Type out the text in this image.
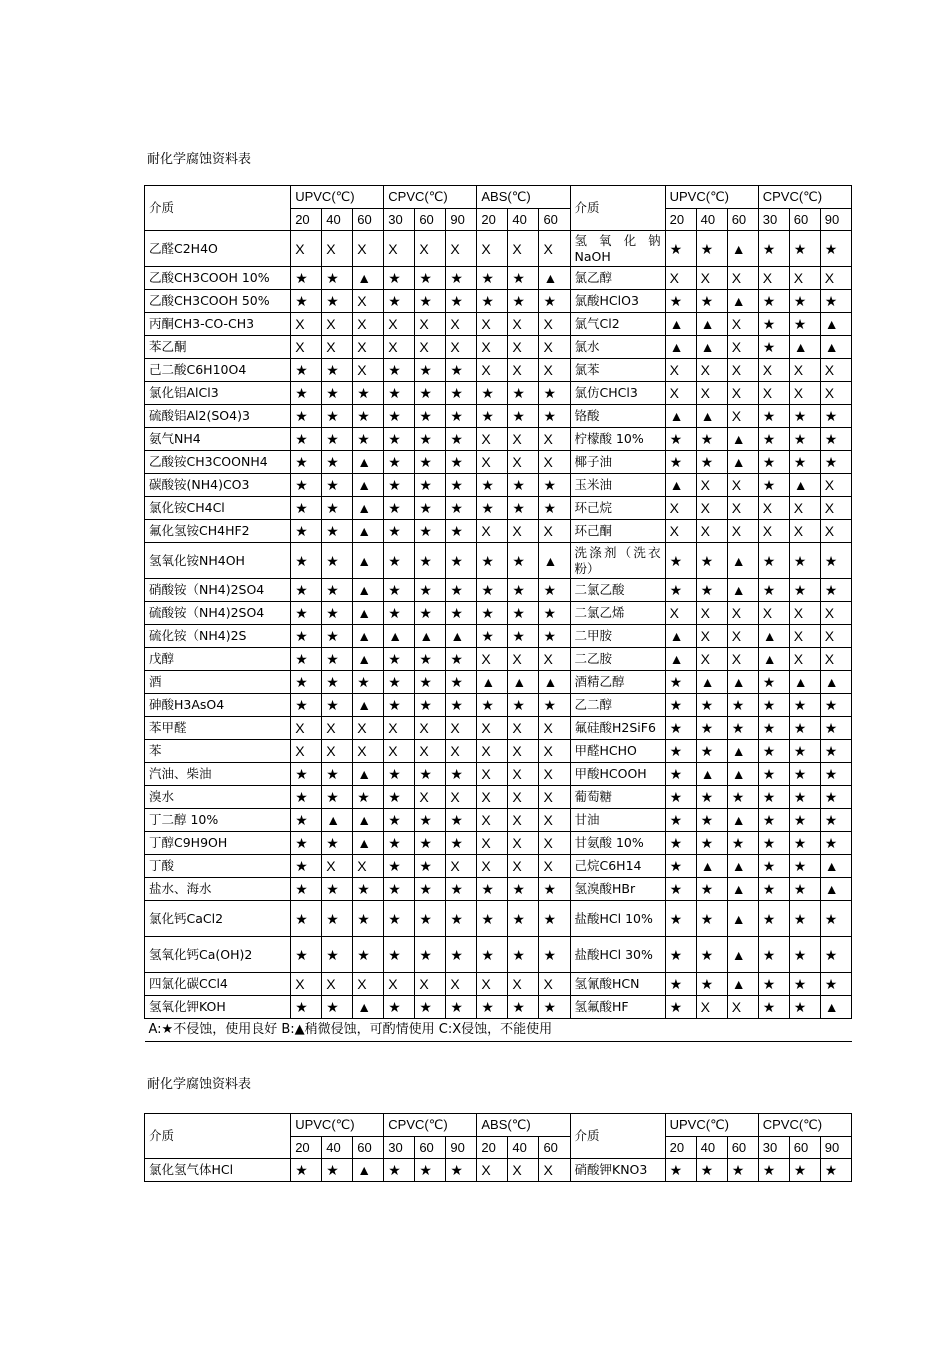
耐化学腐蚀资料表
介质	UPVC(℃)			CPVC(℃)			ABS(℃)			介质	UPVC(℃)			CPVC(℃)		
	20	40	60	30	60	90	20	40	60		20	40	60	30	60	90
乙醛C2H4O	X	X	X	X	X	X	X	X	X	氢氧化钠NaOH	★	★	▲	★	★	★
乙酸CH3COOH 10%	★	★	▲	★	★	★	★	★	▲	氯乙醇	X	X	X	X	X	X
乙酸CH3COOH 50%	★	★	X	★	★	★	★	★	★	氯酸HClO3	★	★	▲	★	★	★
丙酮CH3-CO-CH3	X	X	X	X	X	X	X	X	X	氯气Cl2	▲	▲	X	★	★	▲
苯乙酮	X	X	X	X	X	X	X	X	X	氯水	▲	▲	X	★	▲	▲
己二酸C6H10O4	★	★	X	★	★	★	X	X	X	氯苯	X	X	X	X	X	X
氯化铝AlCl3	★	★	★	★	★	★	★	★	★	氯仿CHCl3	X	X	X	X	X	X
硫酸铝Al2(SO4)3	★	★	★	★	★	★	★	★	★	铬酸	▲	▲	X	★	★	★
氨气NH4	★	★	★	★	★	★	X	X	X	柠檬酸 10%	★	★	▲	★	★	★
乙酸铵CH3COONH4	★	★	▲	★	★	★	X	X	X	椰子油	★	★	▲	★	★	★
碳酸铵(NH4)CO3	★	★	▲	★	★	★	★	★	★	玉米油	▲	X	X	★	▲	X
氯化铵CH4Cl	★	★	▲	★	★	★	★	★	★	环己烷	X	X	X	X	X	X
氟化氢铵CH4HF2	★	★	▲	★	★	★	X	X	X	环己酮	X	X	X	X	X	X
氢氧化铵NH4OH	★	★	▲	★	★	★	★	★	▲	洗涤剂（洗衣粉）	★	★	▲	★	★	★
硝酸铵（NH4)2SO4	★	★	▲	★	★	★	★	★	★	二氯乙酸	★	★	▲	★	★	★
硫酸铵（NH4)2SO4	★	★	▲	★	★	★	★	★	★	二氯乙烯	X	X	X	X	X	X
硫化铵（NH4)2S	★	★	▲	▲	▲	▲	★	★	★	二甲胺	▲	X	X	▲	X	X
戊醇	★	★	▲	★	★	★	X	X	X	二乙胺	▲	X	X	▲	X	X
酒	★	★	★	★	★	★	▲	▲	▲	酒精乙醇	★	▲	▲	★	▲	▲
砷酸H3AsO4	★	★	▲	★	★	★	★	★	★	乙二醇	★	★	★	★	★	★
苯甲醛	X	X	X	X	X	X	X	X	X	氟硅酸H2SiF6	★	★	★	★	★	★
苯	X	X	X	X	X	X	X	X	X	甲醛HCHO	★	★	▲	★	★	★
汽油、柴油	★	★	▲	★	★	★	X	X	X	甲酸HCOOH	★	▲	▲	★	★	★
溴水	★	★	★	★	X	X	X	X	X	葡萄糖	★	★	★	★	★	★
丁二醇 10%	★	▲	▲	★	★	★	X	X	X	甘油	★	★	▲	★	★	★
丁醇C9H9OH	★	★	▲	★	★	★	X	X	X	甘氨酸 10%	★	★	★	★	★	★
丁酸	★	X	X	★	★	X	X	X	X	己烷C6H14	★	▲	▲	★	★	▲
盐水、海水	★	★	★	★	★	★	★	★	★	氢溴酸HBr	★	★	▲	★	★	▲
氯化钙CaCl2	★	★	★	★	★	★	★	★	★	盐酸HCl 10%	★	★	▲	★	★	★
氢氧化钙Ca(OH)2	★	★	★	★	★	★	★	★	★	盐酸HCl 30%	★	★	▲	★	★	★
四氯化碳CCl4	X	X	X	X	X	X	X	X	X	氢氰酸HCN	★	★	▲	★	★	★
氢氧化钾KOH	★	★	▲	★	★	★	★	★	★	氢氟酸HF	★	X	X	★	★	▲
A:★不侵蚀，使用良好 B:▲稍微侵蚀，可酌情使用 C:X侵蚀，不能使用																
耐化学腐蚀资料表
介质	UPVC(℃)			CPVC(℃)			ABS(℃)			介质	UPVC(℃)			CPVC(℃)		
	20	40	60	30	60	90	20	40	60		20	40	60	30	60	90
氯化氢气体HCl	★	★	▲	★	★	★	X	X	X	硝酸钾KNO3	★	★	★	★	★	★
